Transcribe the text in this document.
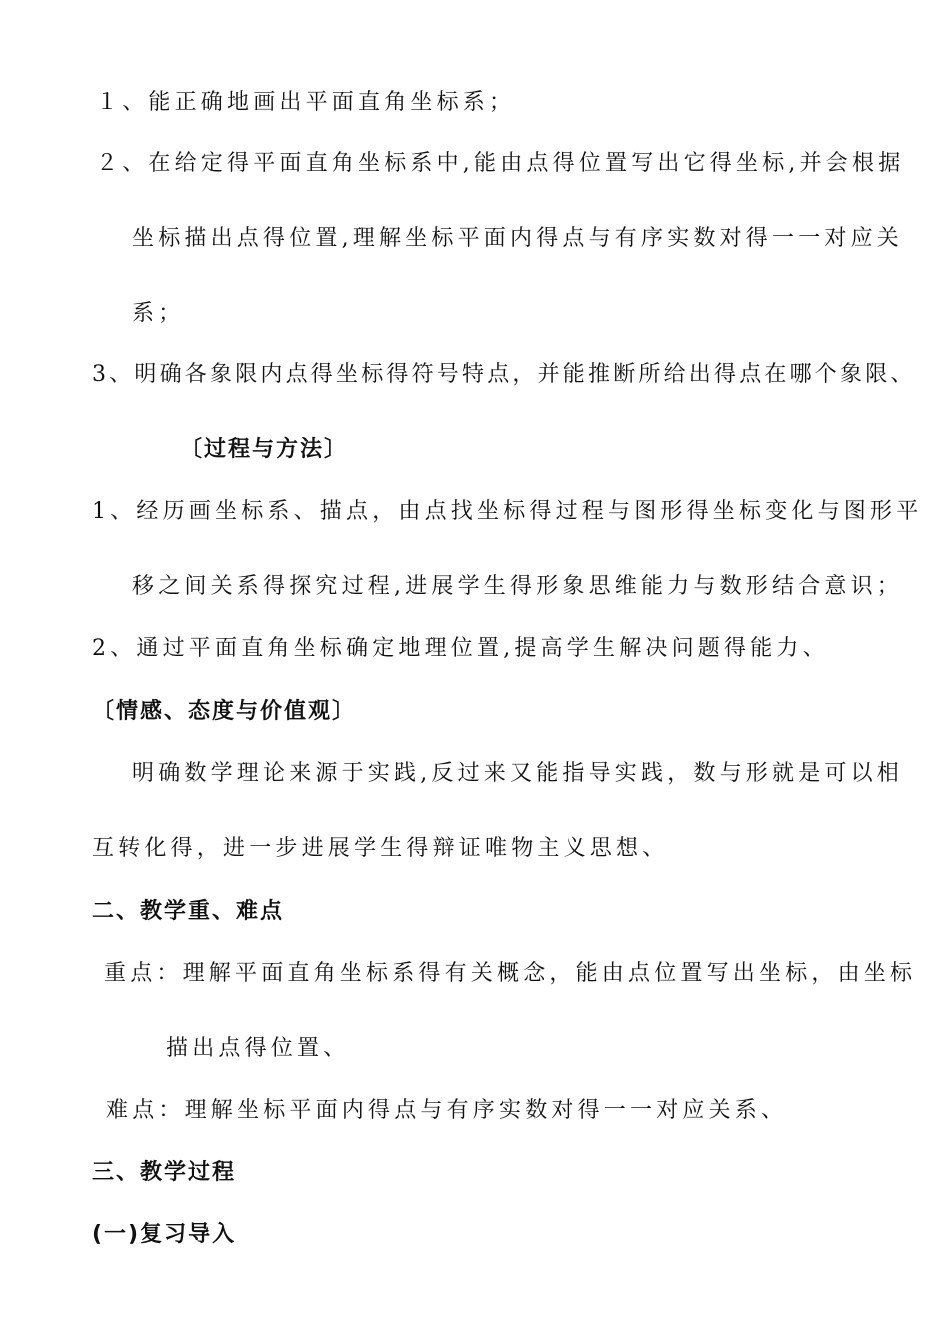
１、能正确地画出平面直角坐标系；
２、在给定得平面直角坐标系中,能由点得位置写出它得坐标,并会根据
坐标描出点得位置,理解坐标平面内得点与有序实数对得一一对应关
系；
3、明确各象限内点得坐标得符号特点，并能推断所给出得点在哪个象限、
〔过程与方法〕
1、经历画坐标系、描点，由点找坐标得过程与图形得坐标变化与图形平
移之间关系得探究过程,进展学生得形象思维能力与数形结合意识；
2、通过平面直角坐标确定地理位置,提高学生解决问题得能力、
〔情感、态度与价值观〕
明确数学理论来源于实践,反过来又能指导实践，数与形就是可以相
互转化得，进一步进展学生得辩证唯物主义思想、
二、教学重、难点
重点：理解平面直角坐标系得有关概念，能由点位置写出坐标，由坐标
描出点得位置、
难点：理解坐标平面内得点与有序实数对得一一对应关系、
三、教学过程
(一)复习导入
